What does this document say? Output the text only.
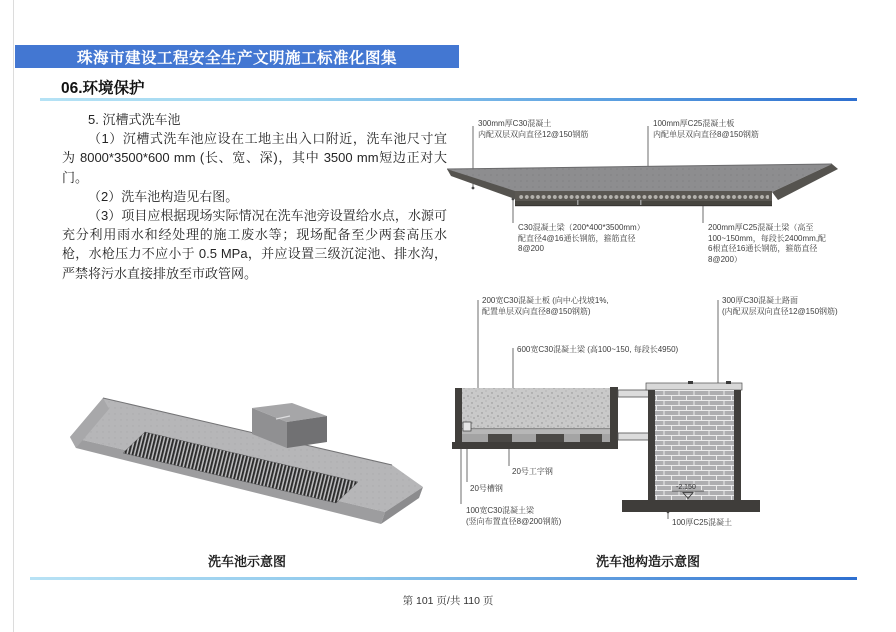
珠海市建设工程安全生产文明施工标准化图集
06.环境保护

5. 沉槽式洗车池

（1）沉槽式洗车池应设在工地主出入口附近，洗车池尺寸宜 为 8000*3500*600 mm (长、宽、深)，其中 3500 mm短边正对大门。

（2）洗车池构造见右图。

（3）项目应根据现场实际情况在洗车池旁设置给水点，水源可充分利用雨水和经处理的施工废水等；现场配备至少两套高压水枪，水枪压力不应小于 0.5 MPa，并应设置三级沉淀池、排水沟，严禁将污水直接排放至市政管网。

300mm厚C30混凝土
内配双层双向直径12@150钢筋
100mm厚C25混凝土板
内配单层双向直径8@150钢筋
C30混凝土梁（200*400*3500mm）
配直径4@16通长钢筋，箍筋直径
8@200
200mm厚C25混凝土梁（高至
100~150mm，每段长2400mm,配
6根直径16通长钢筋，箍筋直径
8@200）
-2.150
200宽C30混凝土板 (向中心找坡1%,
配置单层双向直径8@150钢筋)
600宽C30混凝土梁 (高100~150, 每段长4950)
300厚C30混凝土路面
(内配双层双向直径12@150钢筋)
20号工字钢
20号槽钢
100宽C30混凝土梁
(竖向布置直径8@200钢筋)	100厚C25混凝土
洗车池示意图	洗车池构造示意图
第 101 页/共 110 页
